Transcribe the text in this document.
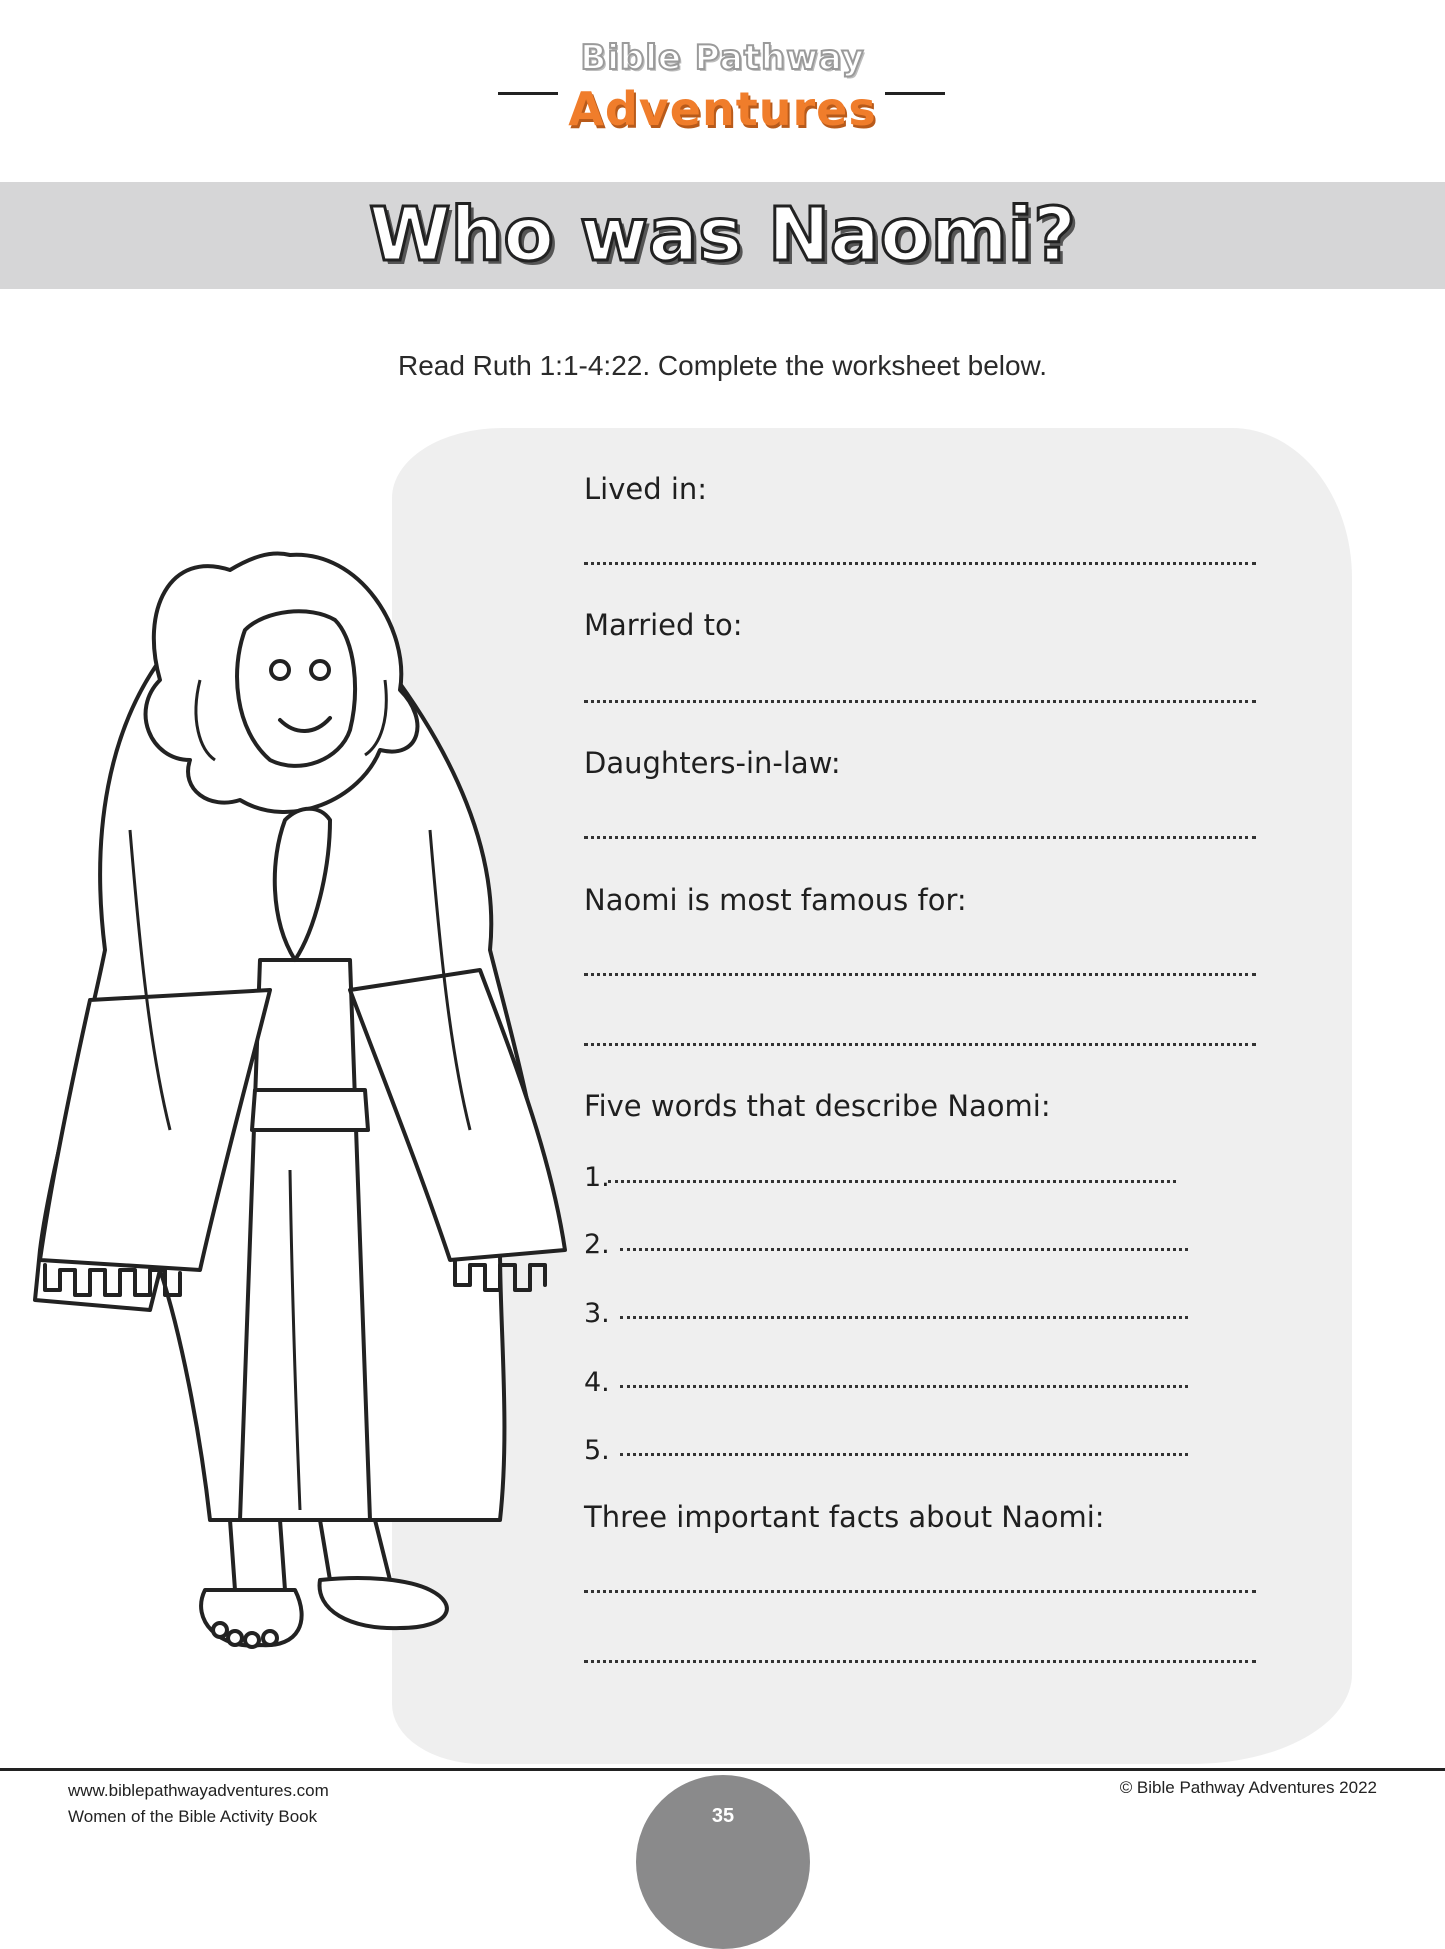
Bible Pathway
Adventures
Who was Naomi?
Read Ruth 1:1-4:22. Complete the worksheet below.
Lived in:
Married to:
Daughters-in-law:
Naomi is most famous for:
Five words that describe Naomi:
1.
2.
3.
4.
5.
Three important facts about Naomi:
www.biblepathwayadventures.com
Women of the Bible Activity Book	35
© Bible Pathway Adventures 2022
